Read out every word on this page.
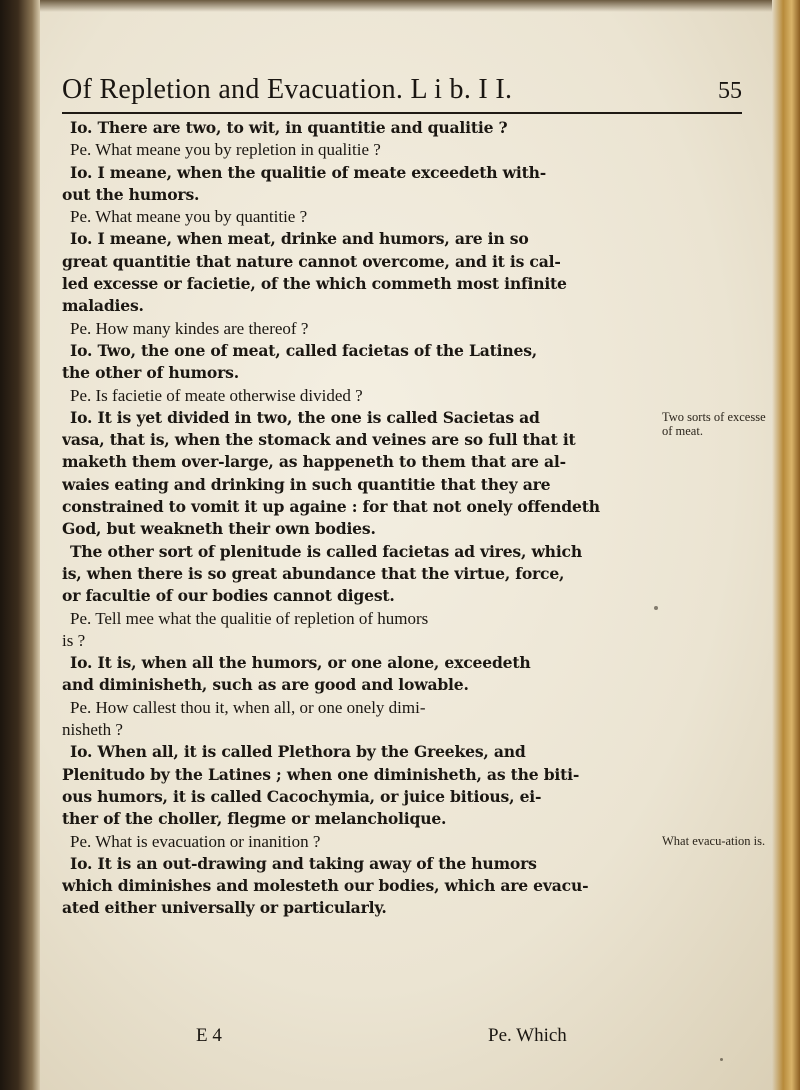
Of Repletion and Evacuation. L i b. I I.	55
Io. There are two, to wit, in quantitie and qualitie ?
Pe. What meane you by repletion in qualitie ?
Io. I meane, when the qualitie of meate exceedeth with-
out the humors.
Pe. What meane you by quantitie ?
Io. I meane, when meat, drinke and humors, are in so
great quantitie that nature cannot overcome, and it is cal-
led excesse or facietie, of the which commeth most infinite
maladies.
Pe. How many kindes are thereof ?
Io. Two, the one of meat, called facietas of the Latines,
the other of humors.
Pe. Is facietie of meate otherwise divided ?
Io. It is yet divided in two, the one is called Sacietas ad
vasa, that is, when the stomack and veines are so full that it
maketh them over-large, as happeneth to them that are al-
waies eating and drinking in such quantitie that they are
constrained to vomit it up againe : for that not onely offendeth
God, but weakneth their own bodies.
The other sort of plenitude is called facietas ad vires, which
is, when there is so great abundance that the virtue, force,
or facultie of our bodies cannot digest.
Pe. Tell mee what the qualitie of repletion of humors
is ?
Io. It is, when all the humors, or one alone, exceedeth
and diminisheth, such as are good and lowable.
Pe. How callest thou it, when all, or one onely dimi-
nisheth ?
Io. When all, it is called Plethora by the Greekes, and
Plenitudo by the Latines ; when one diminisheth, as the biti-
ous humors, it is called Cacochymia, or juice bitious, ei-
ther of the choller, flegme or melancholique.
Pe. What is evacuation or inanition ?
Io. It is an out-drawing and taking away of the humors
which diminishes and molesteth our bodies, which are evacu-
ated either universally or particularly.
Two sorts of excesse of meat.
What evacu-ation is.
E 4	Pe. Which
